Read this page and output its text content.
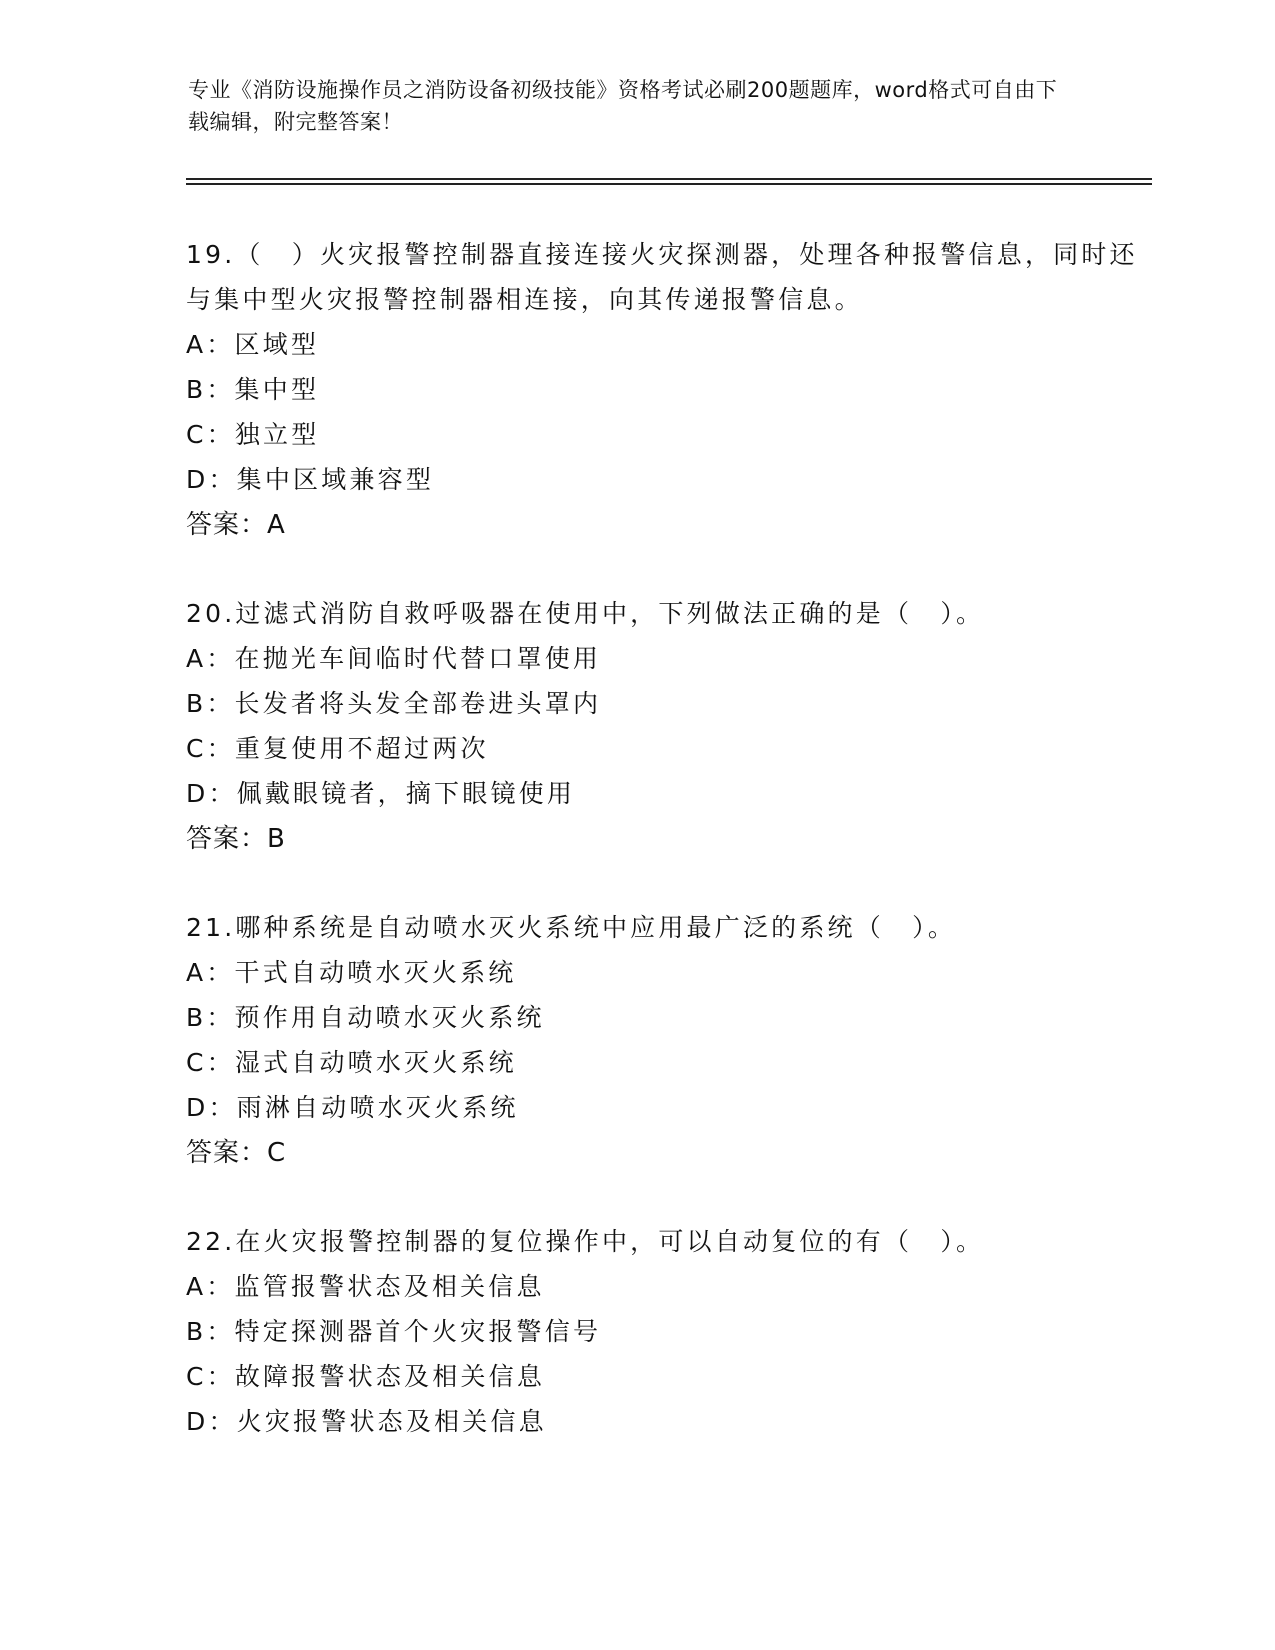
专业《消防设施操作员之消防设备初级技能》资格考试必刷200题题库，word格式可自由下载编辑，附完整答案！

19.（　）火灾报警控制器直接连接火灾探测器，处理各种报警信息，同时还与集中型火灾报警控制器相连接，向其传递报警信息。

A：区域型

B：集中型

C：独立型

D：集中区域兼容型

答案：A

20.过滤式消防自救呼吸器在使用中，下列做法正确的是（　）。

A：在抛光车间临时代替口罩使用

B：长发者将头发全部卷进头罩内

C：重复使用不超过两次

D：佩戴眼镜者，摘下眼镜使用

答案：B

21.哪种系统是自动喷水灭火系统中应用最广泛的系统（　）。

A：干式自动喷水灭火系统

B：预作用自动喷水灭火系统

C：湿式自动喷水灭火系统

D：雨淋自动喷水灭火系统

答案：C

22.在火灾报警控制器的复位操作中，可以自动复位的有（　）。

A：监管报警状态及相关信息

B：特定探测器首个火灾报警信号

C：故障报警状态及相关信息

D：火灾报警状态及相关信息
